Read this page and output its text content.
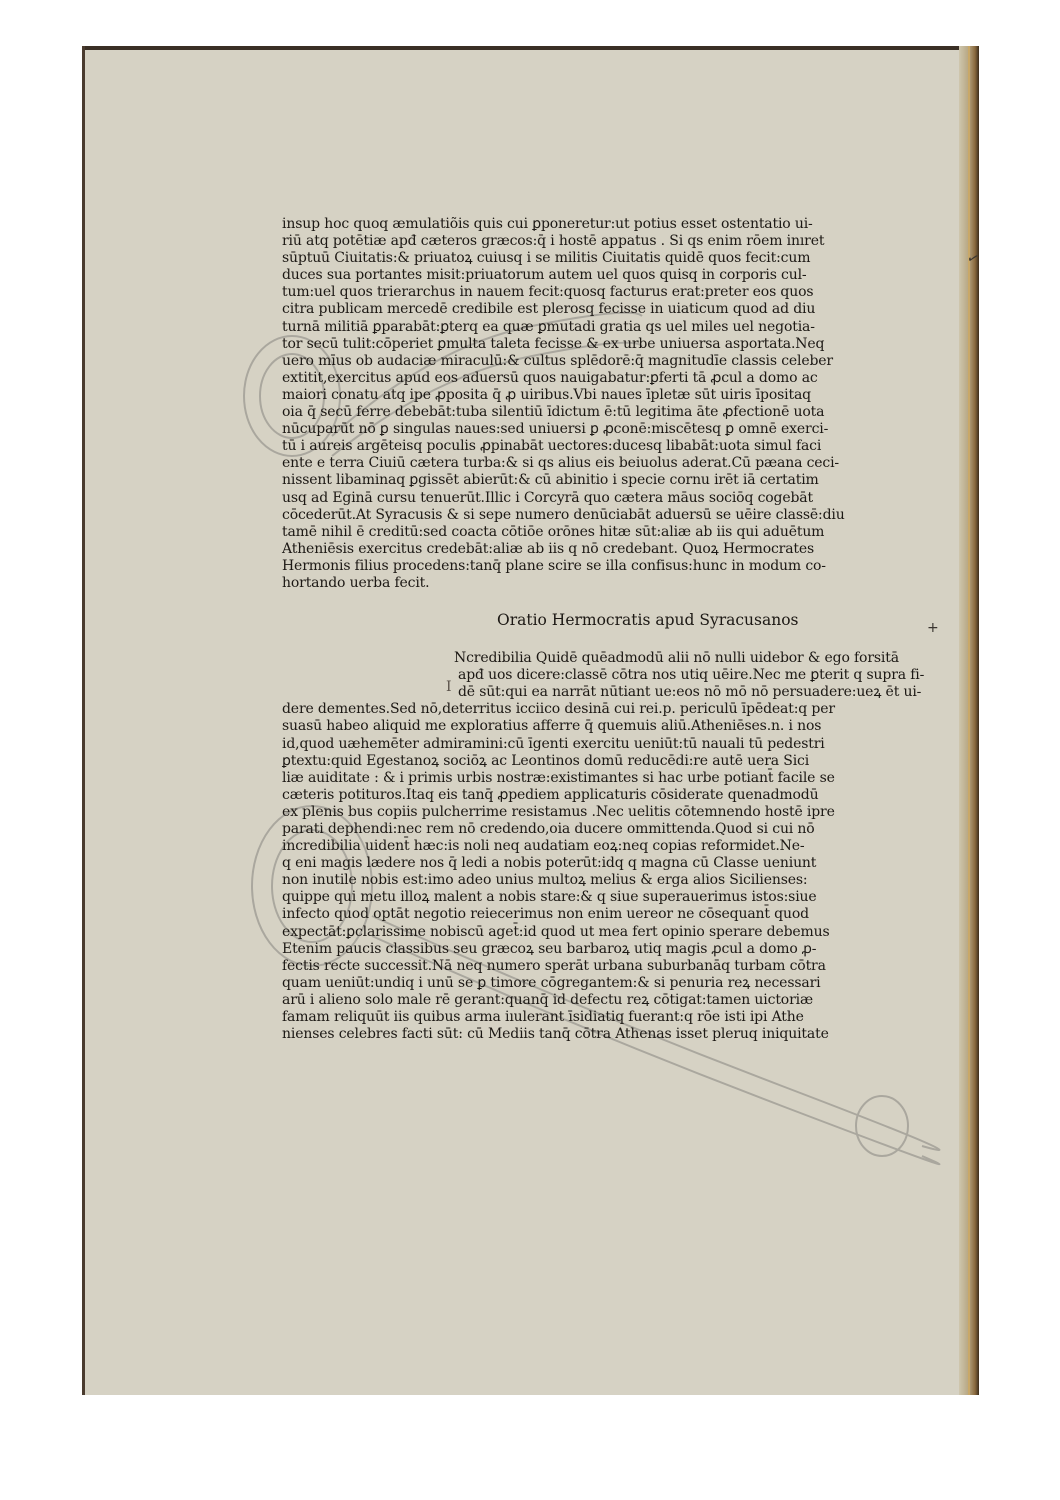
+
✓
insup hoc quoq æmulatiõis quis cui ꝑponeretur:ut potius esset ostentatio ui-
riū atq potētiæ apđ cæteros græcos:q̄ i hostē appatus . Si qs enim rōem inıret
sūptuū Ciuitatis:& priuatoꝝ cuiusq i se militis Ciuitatis quidē quos fecit:cum
duces sua portantes misit:priuatorum autem uel quos quisq in corporis cul-
tum:uel quos trierarchus in nauem fecit:quosq facturus erat:preter eos quos
citra publicam mercedē credibile est plerosq fecisse in uiaticum quod ad diu
turnā militiā ꝑparabāt:ꝑterq ea quæ ꝑmutadi gratia qs uel miles uel negotia-
tor secū tulit:cōperiet ꝑmulta taleta fecisse & ex urbe uniuersa asportata.Neq
uero mīus ob audaciæ miraculū:& cultus splēdorē:q̄ magnitudīe classis celeber
extitit,exercitus apud eos aduersū quos nauigabatur:ꝑferti tā ꝓcul a domo ac
maiori conatu atq ipe ꝓposita q̄ ꝓ uiribus.Vbi naues īpletæ sūt uiris īpositaq
oia q̄ secū ferre debebāt:tuba silentiū īdictum ē:tū legitima āte ꝓfectionē uota
nūcuparūt nō ꝑ singulas naues:sed uniuersi ꝑ ꝓconē:miscētesq ꝑ omnē exerci-
tū i aureis argēteisq poculis ꝓpinabāt uectores:ducesq libabāt:uota simul faci
ente e terra Ciuiū cætera turba:& si qs alius eis beiuolus aderat.Cū pæana ceci-
nissent libaminaq ꝑgissēt abierūt:& cū abinitio i specie cornu irēt iā certatim
usq ad Eginā cursu tenuerūt.Illic i Corcyrā quo cætera māus sociōq cogebāt
cōcederūt.At Syracusis & si sepe numero denūciabāt aduersū se uēire classē:diu
tamē nihil ē creditū:sed coacta cōtiōe orōnes hitæ sūt:aliæ ab iis qui aduētum
Atheniēsis exercitus credebāt:aliæ ab iis q nō credebant. Quoꝝ Hermocrates
Hermonis filius procedens:tanq̄ plane scire se illa confisus:hunc in modum co-
hortando uerba fecit.
Oratio Hermocratis apud Syracusanos
Ncredibilia Quidē quēadmodū alii nō nulli uidebor & ego forsitā
apđ uos dicere:classē cōtra nos utiq uēire.Nec me ꝑterit q supra fi-
dē sūt:qui ea narrāt nūtiant ue:eos nō mō nō persuadere:ueꝝ ēt ui-
dere dementes.Sed nō,deterritus icciico desinā cui rei.p. periculū īpēdeat:q per
suasū habeo aliquid me exploratius afferre q̄ quemuis aliū.Atheniēses.n. i nos
id,quod uæhemēter admiramini:cū īgenti exercitu ueniūt:tū nauali tū pedestri
ꝑtextu:quid Egestanoꝝ sociōꝝ ac Leontinos domū reducēdi:re autē uera Sici
liæ auiditate : & i primis urbis nostræ:existimantes si hac urbe potiant̄ facile se
cæteris potituros.Itaq eis tanq̄ ꝓpediem applicaturis cōsiderate quenadmodū
ex plenis bus copiis pulcherrime resistamus .Nec uelitis cōtemnendo hostē ipre
parati dephendi:nec rem nō credendo,oia ducere ommittenda.Quod si cui nō
incredibilia uident̄ hæc:is noli neq audatiam eoꝝ:neq copias reformidet.Ne-
q eni magis lædere nos q̄ ledi a nobis poterūt:idq q magna cū Classe ueniunt
non inutile nobis est:imo adeo unius multoꝝ melius & erga alios Sicilienses:
quippe qui metu illoꝝ malent a nobis stare:& q siue superauerimus istos:siue
infecto quod optāt negotio reiecerimus non enim uereor ne cōsequant̄ quod
expectāt:ꝑclarissime nobiscū aget̄:id quod ut mea fert opinio sperare debemus
Etenim paucis classibus seu græcoꝝ seu barbaroꝝ utiq magis ꝓcul a domo ꝓ-
fectis recte successit.Nā neq numero sperāt urbana suburbanāq turbam cōtra
quam ueniūt:undiq i unū se ꝑ timore cōgregantem:& si penuria reꝝ necessari
arū i alieno solo male rē gerant:quanq̄ id defectu reꝝ cōtigat:tamen uictoriæ
famam reliquūt iis quibus arma iıulerant īsidiatiq fuerant:q rōe isti ipi Athe
nienses celebres facti sūt: cū Mediis tanq̄ cōtra Athenas isset pleruq iniquitate
I
